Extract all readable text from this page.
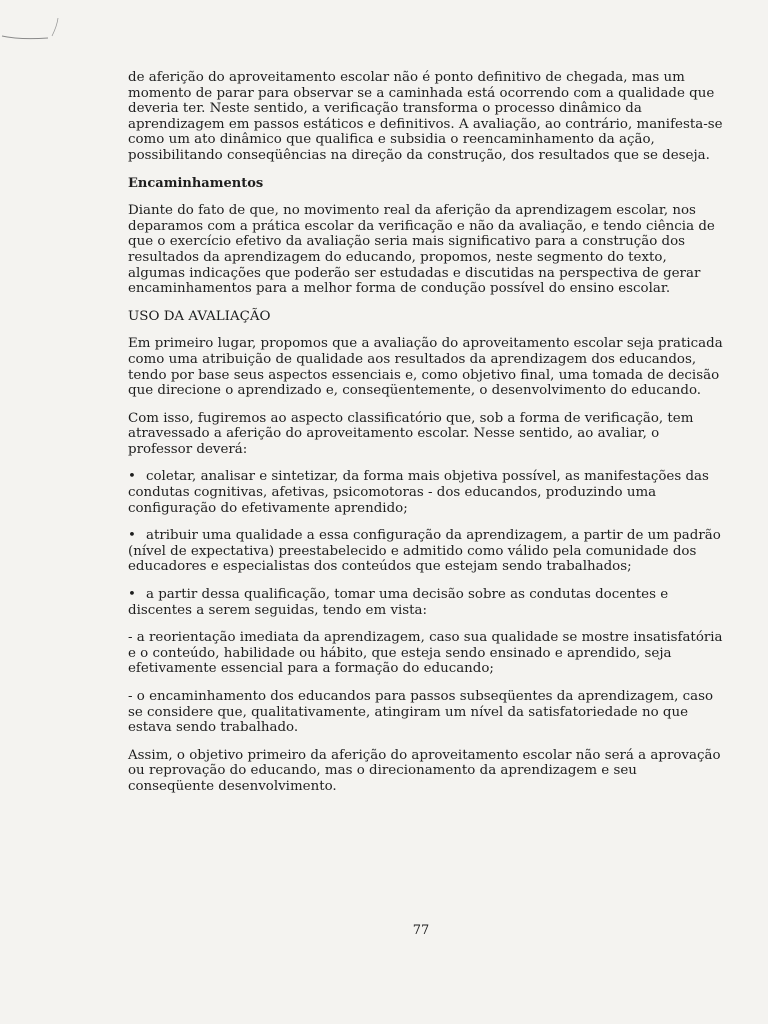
de aferição do aproveitamento escolar não é ponto definitivo de chegada, mas um momento de parar para observar se a caminhada está ocorrendo com a qualidade que deveria ter. Neste sentido, a verificação transforma o processo dinâmico da aprendizagem em passos estáticos e definitivos. A avaliação, ao contrário, manifesta-se como um ato dinâmico que qualifica e subsidia o reencaminhamento da ação, possibilitando conseqüências na direção da construção, dos resultados que se deseja.

Encaminhamentos

Diante do fato de que, no movimento real da aferição da aprendizagem escolar, nos deparamos com a prática escolar da verificação e não da avaliação, e tendo ciência de que o exercício efetivo da avaliação seria mais significativo para a construção dos resultados da aprendizagem do educando, propomos, neste segmento do texto, algumas indicações que poderão ser estudadas e discutidas na perspectiva de gerar encaminhamentos para a melhor forma de condução possível do ensino escolar.

USO DA AVALIAÇÃO

Em primeiro lugar, propomos que a avaliação do aproveitamento escolar seja praticada como uma atribuição de qualidade aos resultados da aprendizagem dos educandos, tendo por base seus aspectos essenciais e, como objetivo final, uma tomada de decisão que direcione o aprendizado e, conseqüentemente, o desenvolvimento do educando.

Com isso, fugiremos ao aspecto classificatório que, sob a forma de verificação, tem atravessado a aferição do aproveitamento escolar. Nesse sentido, ao avaliar, o professor deverá:

• coletar, analisar e sintetizar, da forma mais objetiva possível, as manifestações das condutas cognitivas, afetivas, psicomotoras - dos educandos, produzindo uma configuração do efetivamente aprendido;
• atribuir uma qualidade a essa configuração da aprendizagem, a partir de um padrão (nível de expectativa) preestabelecido e admitido como válido pela comunidade dos educadores e especialistas dos conteúdos que estejam sendo trabalhados;
• a partir dessa qualificação, tomar uma decisão sobre as condutas docentes e discentes a serem seguidas, tendo em vista:

- a reorientação imediata da aprendizagem, caso sua qualidade se mostre insatisfatória e o conteúdo, habilidade ou hábito, que esteja sendo ensinado e aprendido, seja efetivamente essencial para a formação do educando;

- o encaminhamento dos educandos para passos subseqüentes da aprendizagem, caso se considere que, qualitativamente, atingiram um nível da satisfatoriedade no que estava sendo trabalhado.

Assim, o objetivo primeiro da aferição do aproveitamento escolar não será a aprovação ou reprovação do educando, mas o direcionamento da aprendizagem e seu conseqüente desenvolvimento.

77
